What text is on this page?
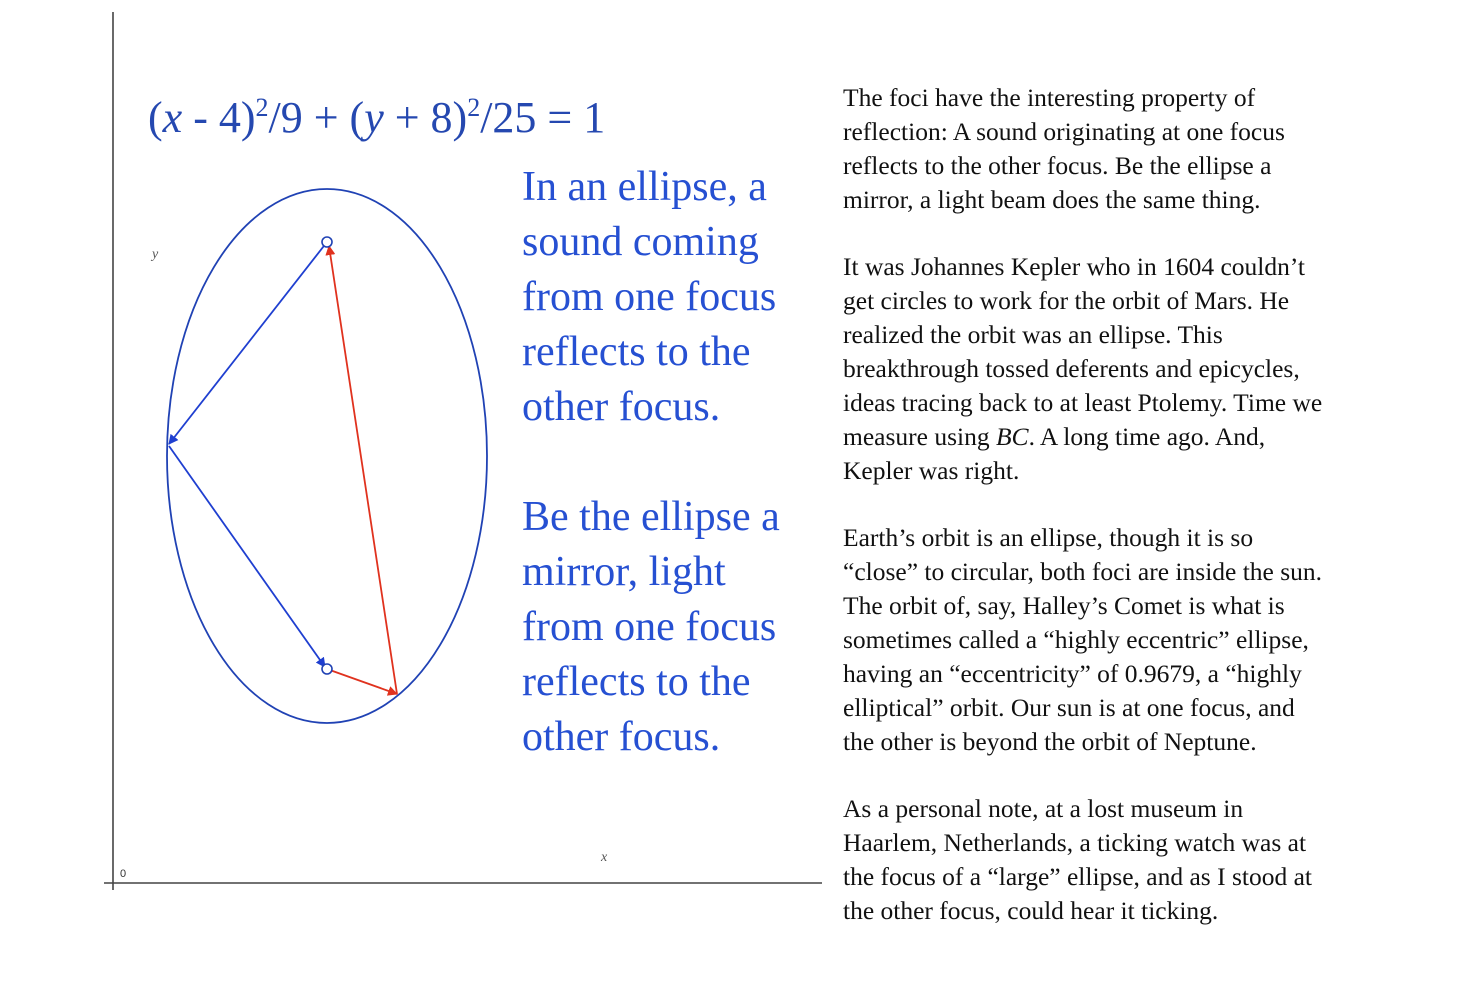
y
x
0
$(x - 4)^2/9 + (y + 8)^2/25 = 1$

In an ellipse, a
sound coming
from one focus
reflects to the
other focus.

Be the ellipse a
mirror, light
from one focus
reflects to the
other focus.

The foci have the interesting property of
reflection: A sound originating at one focus
reflects to the other focus. Be the ellipse a
mirror, a light beam does the same thing.

It was Johannes Kepler who in 1604 couldn’t
get circles to work for the orbit of Mars. He
realized the orbit was an ellipse. This
breakthrough tossed deferents and epicycles,
ideas tracing back to at least Ptolemy. Time we
measure using BC. A long time ago. And,
Kepler was right.

Earth’s orbit is an ellipse, though it is so
“close” to circular, both foci are inside the sun.
The orbit of, say, Halley’s Comet is what is
sometimes called a “highly eccentric” ellipse,
having an “eccentricity” of 0.9679, a “highly
elliptical” orbit. Our sun is at one focus, and
the other is beyond the orbit of Neptune.

As a personal note, at a lost museum in
Haarlem, Netherlands, a ticking watch was at
the focus of a “large” ellipse, and as I stood at
the other focus, could hear it ticking.
